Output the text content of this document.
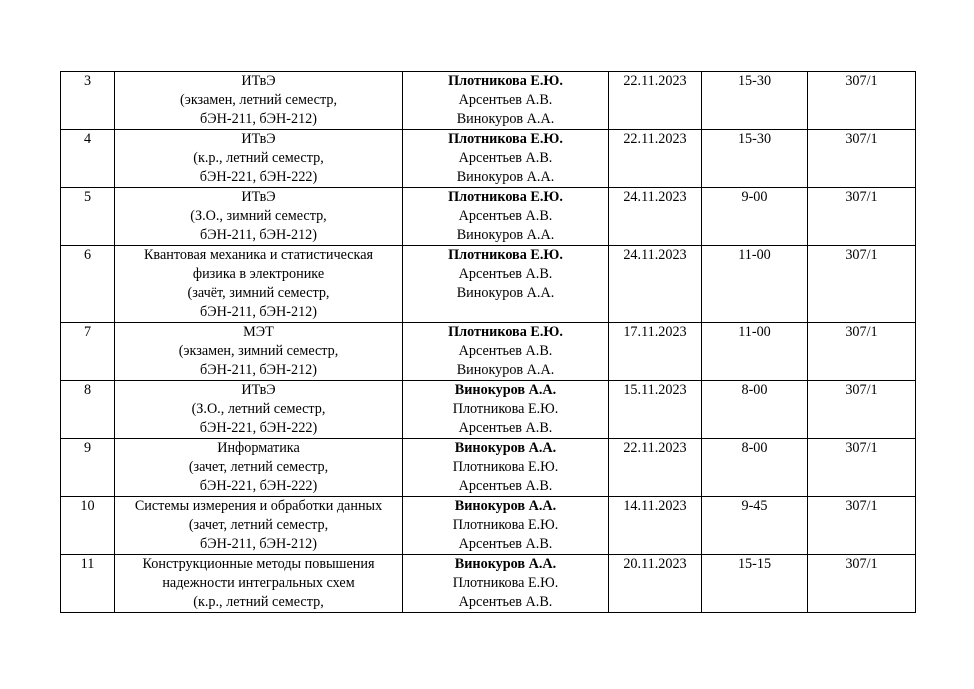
3	ИТвЭ
(экзамен, летний семестр,
бЭН-211, бЭН-212)	Плотникова Е.Ю.
Арсентьев А.В.
Винокуров А.А.	22.11.2023	15-30	307/1

4	ИТвЭ
(к.р., летний семестр,
бЭН-221, бЭН-222)	Плотникова Е.Ю.
Арсентьев А.В.
Винокуров А.А.	22.11.2023	15-30	307/1

5	ИТвЭ
(З.О., зимний семестр,
бЭН-211, бЭН-212)	Плотникова Е.Ю.
Арсентьев А.В.
Винокуров А.А.	24.11.2023	9-00	307/1

6	Квантовая механика и статистическая
физика в электронике
(зачёт, зимний семестр,
бЭН-211, бЭН-212)	Плотникова Е.Ю.
Арсентьев А.В.
Винокуров А.А.	24.11.2023	11-00	307/1

7	МЭТ
(экзамен, зимний семестр,
бЭН-211, бЭН-212)	Плотникова Е.Ю.
Арсентьев А.В.
Винокуров А.А.	17.11.2023	11-00	307/1

8	ИТвЭ
(З.О., летний семестр,
бЭН-221, бЭН-222)	Винокуров А.А.
Плотникова Е.Ю.
Арсентьев А.В.	15.11.2023	8-00	307/1

9	Информатика
(зачет, летний семестр,
бЭН-221, бЭН-222)	Винокуров А.А.
Плотникова Е.Ю.
Арсентьев А.В.	22.11.2023	8-00	307/1

10	Системы измерения и обработки данных
(зачет, летний семестр,
бЭН-211, бЭН-212)	Винокуров А.А.
Плотникова Е.Ю.
Арсентьев А.В.	14.11.2023	9-45	307/1

11	Конструкционные методы повышения
надежности интегральных схем
(к.р., летний семестр,	Винокуров А.А.
Плотникова Е.Ю.
Арсентьев А.В.	20.11.2023	15-15	307/1
